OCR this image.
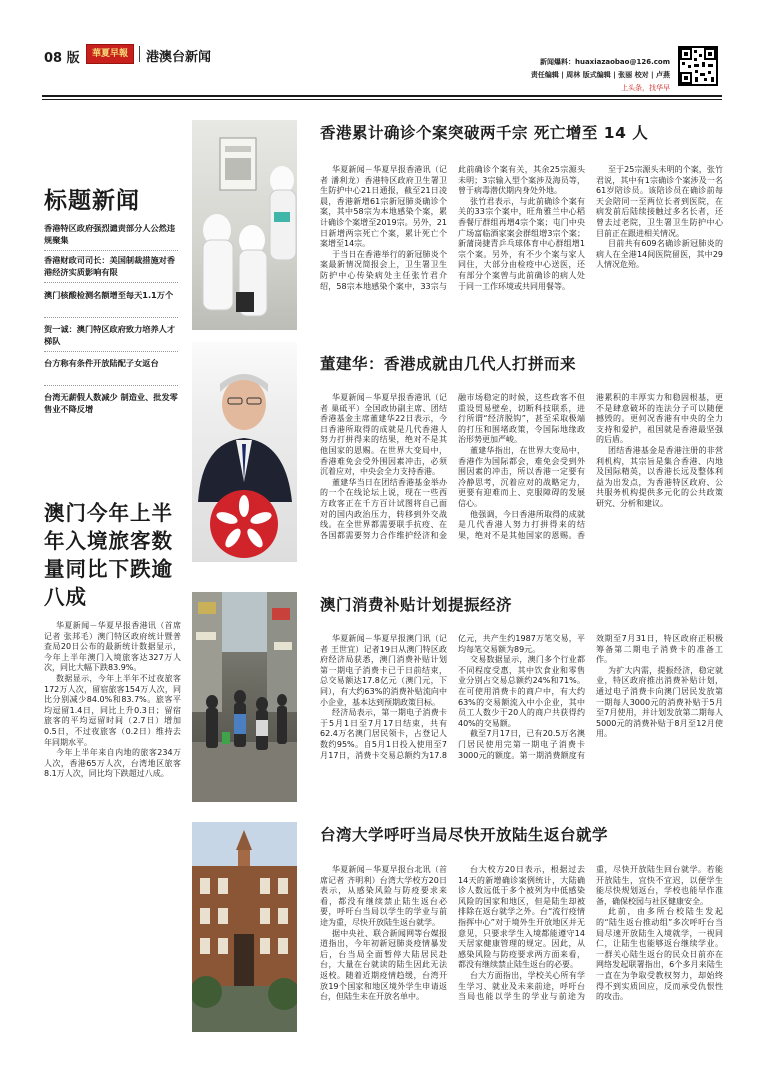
08 版	華夏早報	港澳台新闻	新闻爆料：huaxiazaobao@126.com
责任编辑 | 周林 版式编辑 | 张丽 校对 | 卢燕
上头条，找华早
标题新闻
香港特区政府强烈谴责部分人公然违规聚集
香港财政司司长：美国制裁措施对香港经济实质影响有限
澳门核酸检测名额增至每天1.1万个
贺一诚：澳门特区政府致力培养人才梯队
台方称有条件开放陆配子女返台
台湾无薪假人数减少 制造业、批发零售业不降反增
澳门今年上半年入境旅客数量同比下跌逾八成

华夏新闻－华夏早报香港讯（首席记者 张邦毛）澳门特区政府统计暨普查局20日公布的最新统计数据显示，今年上半年澳门入境旅客达327万人次，同比大幅下跌83.9%。

数据显示，今年上半年不过夜旅客172万人次，留宿旅客154万人次，同比分别减少84.0%和83.7%。旅客平均逗留1.4日，同比上升0.3日；留宿旅客的平均逗留时间（2.7日）增加0.5日，不过夜旅客（0.2日）维持去年同期水平。

今年上半年来自内地的旅客234万人次，香港65万人次，台湾地区旅客8.1万人次，同比均下跌超过八成。

香港累计确诊个案突破两千宗 死亡增至 14 人

华夏新闻－华夏早报香港讯（记者 潘利龙）香港特区政府卫生署卫生防护中心21日通报，截至21日凌晨，香港新增61宗新冠肺炎确诊个案，其中58宗为本地感染个案，累计确诊个案增至2019宗。另外，21日新增两宗死亡个案，累计死亡个案增至14宗。

于当日在香港举行的新冠肺炎个案最新情况简报会上，卫生署卫生防护中心传染病处主任张竹君介绍，58宗本地感染个案中，33宗与此前确诊个案有关，其余25宗源头未明；3宗输入型个案涉及海员等，曾于病毒潜伏期内身处外地。

张竹君表示，与此前确诊个案有关的33宗个案中，旺角雅兰中心稻香餐厅群组再增4宗个案；屯门中央广场富临酒家案会群组增3宗个案；新蒲岗捷青乒乓球体育中心群组增1宗个案。另外，有不少个案与家人同住，大部分由检疫中心送医，还有部分个案曾与此前确诊的病人处于同一工作环境或共同用餐等。

至于25宗源头未明的个案，张竹君说，其中有1宗确诊个案涉及一名61岁陪诊员。该陪诊员在确诊前每天会陪同一至两位长者到医院，在病发前后陆续接触过多名长者，还曾去过老院，卫生署卫生防护中心目前正在跟进相关情况。

目前共有609名确诊新冠肺炎的病人在全港14间医院留医，其中29人情况危殆。

董建华：香港成就由几代人打拼而来

华夏新闻－华夏早报香港讯（记者 巢砥平）全国政协副主席、团结香港基金主席董建华22日表示，今日香港所取得的成就是几代香港人努力打拼得来的结果，绝对不是其他国家的恩赐。在世界大变局中，香港难免会受外围因素冲击，必须沉着应对，中央会全力支持香港。

董建华当日在团结香港基金举办的一个在线论坛上说，现在一些西方政客正在千方百计试图将自己面对的国内政治压力，转移到外交战线。在全世界都需要联手抗疫、在各国都需要努力合作维护经济和金融市场稳定的时候，这些政客不但重设贸易壁垒，切断科技联系，进行所谓“经济脱钩”，甚至采取极端的打压和围堵政策，令国际地缘政治形势更加严峻。

董建华指出，在世界大变局中，香港作为国际都会，难免会受到外围因素的冲击，所以香港一定要有冷静思考，沉着应对的战略定力，更要有迎难而上、克服障碍的发展信心。

他强调，今日香港所取得的成就是几代香港人努力打拼得来的结果，绝对不是其他国家的恩赐。香港累积的丰厚实力和稳固根基，更不是肆意破坏的连法分子可以随便撼毁的。更何况香港有中央的全力支持和爱护，祖国就是香港最坚强的后盾。

团结香港基金是香港注册的非营利机构，其宗旨是集合香港、内地及国际精英，以香港长远及整体利益为出发点，为香港特区政府、公共服务机构提供多元化的公共政策研究、分析和建议。

澳门消费补贴计划提振经济

华夏新闻－华夏早报澳门讯（记者 王世宜）记者19日从澳门特区政府经济局获悉，澳门消费补贴计划第一期电子消费卡已于日前结束，总交易额达17.8亿元（澳门元，下同），有大约63%的消费补贴流向中小企业，基本达到预期政策目标。

经济局表示，第一期电子消费卡于5月1日至7月17日结束，共有62.4万名澳门居民领卡，占登记人数约95%。自5月1日投入使用至7月17日，消费卡交易总额约为17.8亿元，共产生约1987万笔交易，平均每笔交易额为89元。

交易数据显示，澳门多个行业都不同程度受惠，其中饮食业和零售业分别占交易总额约24%和71%。在可使用消费卡的商户中，有大约63%的交易额流入中小企业，其中员工人数少于20人的商户共获得约40%的交易额。

截至7月17日，已有20.5万名澳门居民使用完第一期电子消费卡3000元的额度。第一期消费额度有效期至7月31日，特区政府正积极筹备第二期电子消费卡的准备工作。

为扩大内需，提振经济，稳定就业，特区政府推出消费补贴计划，通过电子消费卡向澳门居民发放第一期每人3000元的消费补贴于5月至7月使用，并计划发放第二期每人5000元的消费补贴于8月至12月使用。

台湾大学呼吁当局尽快开放陆生返台就学

华夏新闻－华夏早报台北讯（首席记者 齐明利）台湾大学校方20日表示，从感染风险与防疫要求来看，都没有继续禁止陆生返台必要，呼吁台当局以学生的学业与前途为重，尽快开放陆生返台就学。

据中央社、联合新闻网等台媒报道指出，今年初新冠肺炎疫情暴发后，台当局全面暂停大陆居民赴台，大量在台就读的陆生因此无法返校。随着近期疫情趋缓，台湾开放19个国家和地区境外学生申请返台，但陆生未在开放名单中。

台大校方20日表示，根据过去14天的新增确诊案例统计，大陆确诊人数远低于多个被列为中低感染风险的国家和地区，但是陆生却被排除在返台就学之外。台“流行疫情指挥中心”对于境外生开放地区并无意见，只要求学生入境都能遵守14天居家健康管理的规定。因此，从感染风险与防疫要求两方面来看，都没有继续禁止陆生返台的必要。

台大方面指出，学校关心所有学生学习、就业及未来前途，呼吁台当局也能以学生的学业与前途为重，尽快开放陆生回台就学。若能开放陆生，宜快不宜迟，以便学生能尽快规划返台，学校也能早作准备，确保校园与社区健康安全。

此前，由多所台校陆生发起的“陆生返台推动组”多次呼吁台当局尽速开放陆生入境就学，一视同仁，让陆生也能够返台继续学业。一群关心陆生返台的民众日前亦在网络发起联署指出，6个多月来陆生一直在为争取受教权努力，却始终得不到实质回应，反而承受仇恨性的攻击。
